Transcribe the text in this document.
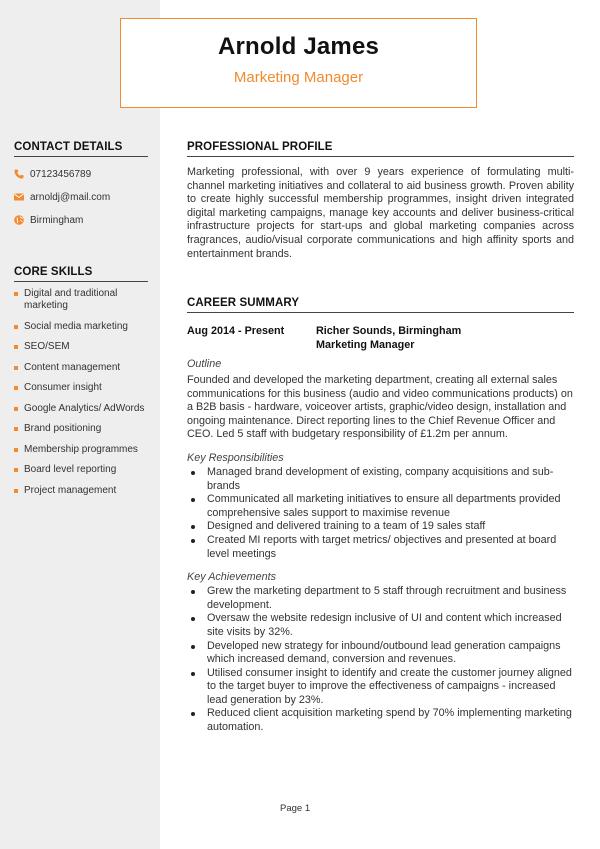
Arnold James
Marketing Manager
CONTACT DETAILS
07123456789
arnoldj@mail.com
Birmingham
CORE SKILLS
Digital and traditional marketing
Social media marketing
SEO/SEM
Content management
Consumer insight
Google Analytics/ AdWords
Brand positioning
Membership programmes
Board level reporting
Project management
PROFESSIONAL PROFILE
Marketing professional, with over 9 years experience of formulating multi-channel marketing initiatives and collateral to aid business growth. Proven ability to create highly successful membership programmes, insight driven integrated digital marketing campaigns, manage key accounts and deliver business-critical infrastructure projects for start-ups and global marketing companies across fragrances, audio/visual corporate communications and high affinity sports and entertainment brands.
CAREER SUMMARY
Aug 2014 - Present	Richer Sounds, Birmingham
Marketing Manager
Outline
Founded and developed the marketing department, creating all external sales communications for this business (audio and video communications products) on a B2B basis - hardware, voiceover artists, graphic/video design, installation and ongoing maintenance. Direct reporting lines to the Chief Revenue Officer and CEO. Led 5 staff with budgetary responsibility of £1.2m per annum.
Key Responsibilities
Managed brand development of existing, company acquisitions and sub-brands
Communicated all marketing initiatives to ensure all departments provided comprehensive sales support to maximise revenue
Designed and delivered training to a team of 19 sales staff
Created MI reports with target metrics/ objectives and presented at board level meetings
Key Achievements
Grew the marketing department to 5 staff through recruitment and business development.
Oversaw the website redesign inclusive of UI and content which increased site visits by 32%.
Developed new strategy for inbound/outbound lead generation campaigns which increased demand, conversion and revenues.
Utilised consumer insight to identify and create the customer journey aligned to the target buyer to improve the effectiveness of campaigns - increased lead generation by 23%.
Reduced client acquisition marketing spend by 70% implementing marketing automation.
Page 1
